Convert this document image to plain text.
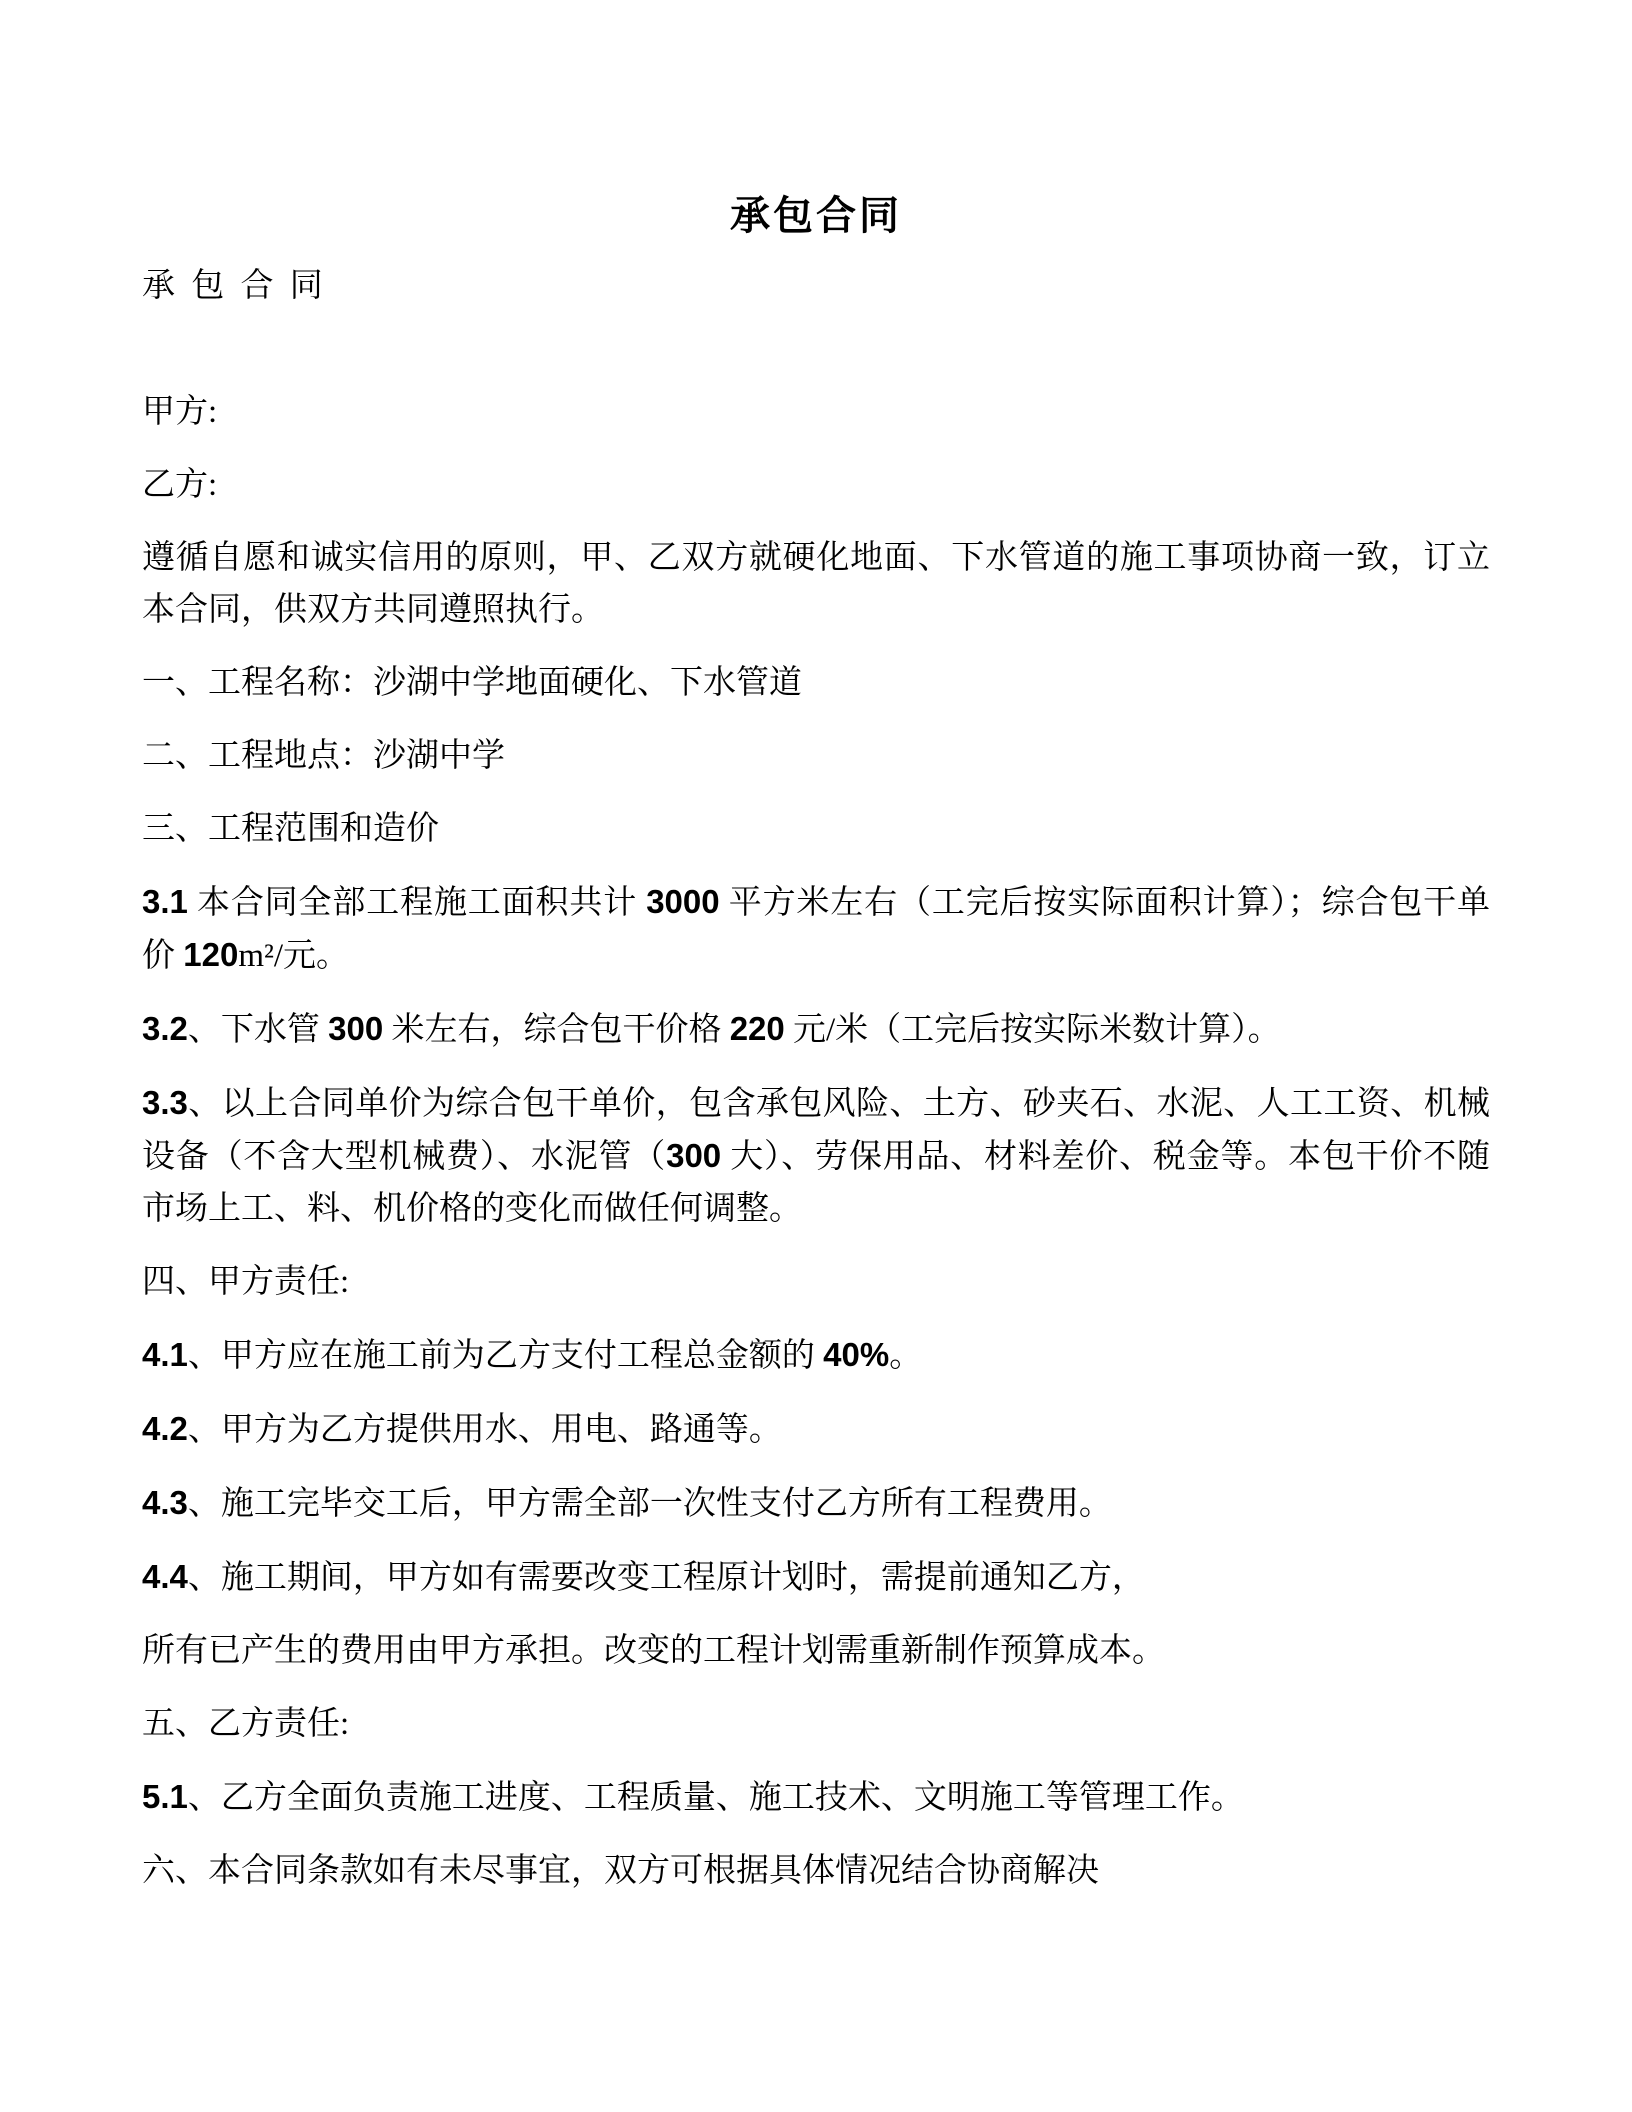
承包合同

承 包 合 同

甲方:

乙方:

遵循自愿和诚实信用的原则，甲、乙双方就硬化地面、下水管道的施工事项协商一致，订立本合同，供双方共同遵照执行。

一、工程名称：沙湖中学地面硬化、下水管道

二、工程地点：沙湖中学

三、工程范围和造价

3.1 本合同全部工程施工面积共计 3000 平方米左右（工完后按实际面积计算）；综合包干单价 120m²/元。

3.2、下水管 300 米左右，综合包干价格 220 元/米（工完后按实际米数计算）。

3.3、以上合同单价为综合包干单价，包含承包风险、土方、砂夹石、水泥、人工工资、机械设备（不含大型机械费）、水泥管（300 大）、劳保用品、材料差价、税金等。本包干价不随市场上工、料、机价格的变化而做任何调整。

四、甲方责任:

4.1、甲方应在施工前为乙方支付工程总金额的 40%。

4.2、甲方为乙方提供用水、用电、路通等。

4.3、施工完毕交工后，甲方需全部一次性支付乙方所有工程费用。

4.4、施工期间，甲方如有需要改变工程原计划时，需提前通知乙方，

所有已产生的费用由甲方承担。改变的工程计划需重新制作预算成本。

五、乙方责任:

5.1、乙方全面负责施工进度、工程质量、施工技术、文明施工等管理工作。

六、本合同条款如有未尽事宜，双方可根据具体情况结合协商解决
